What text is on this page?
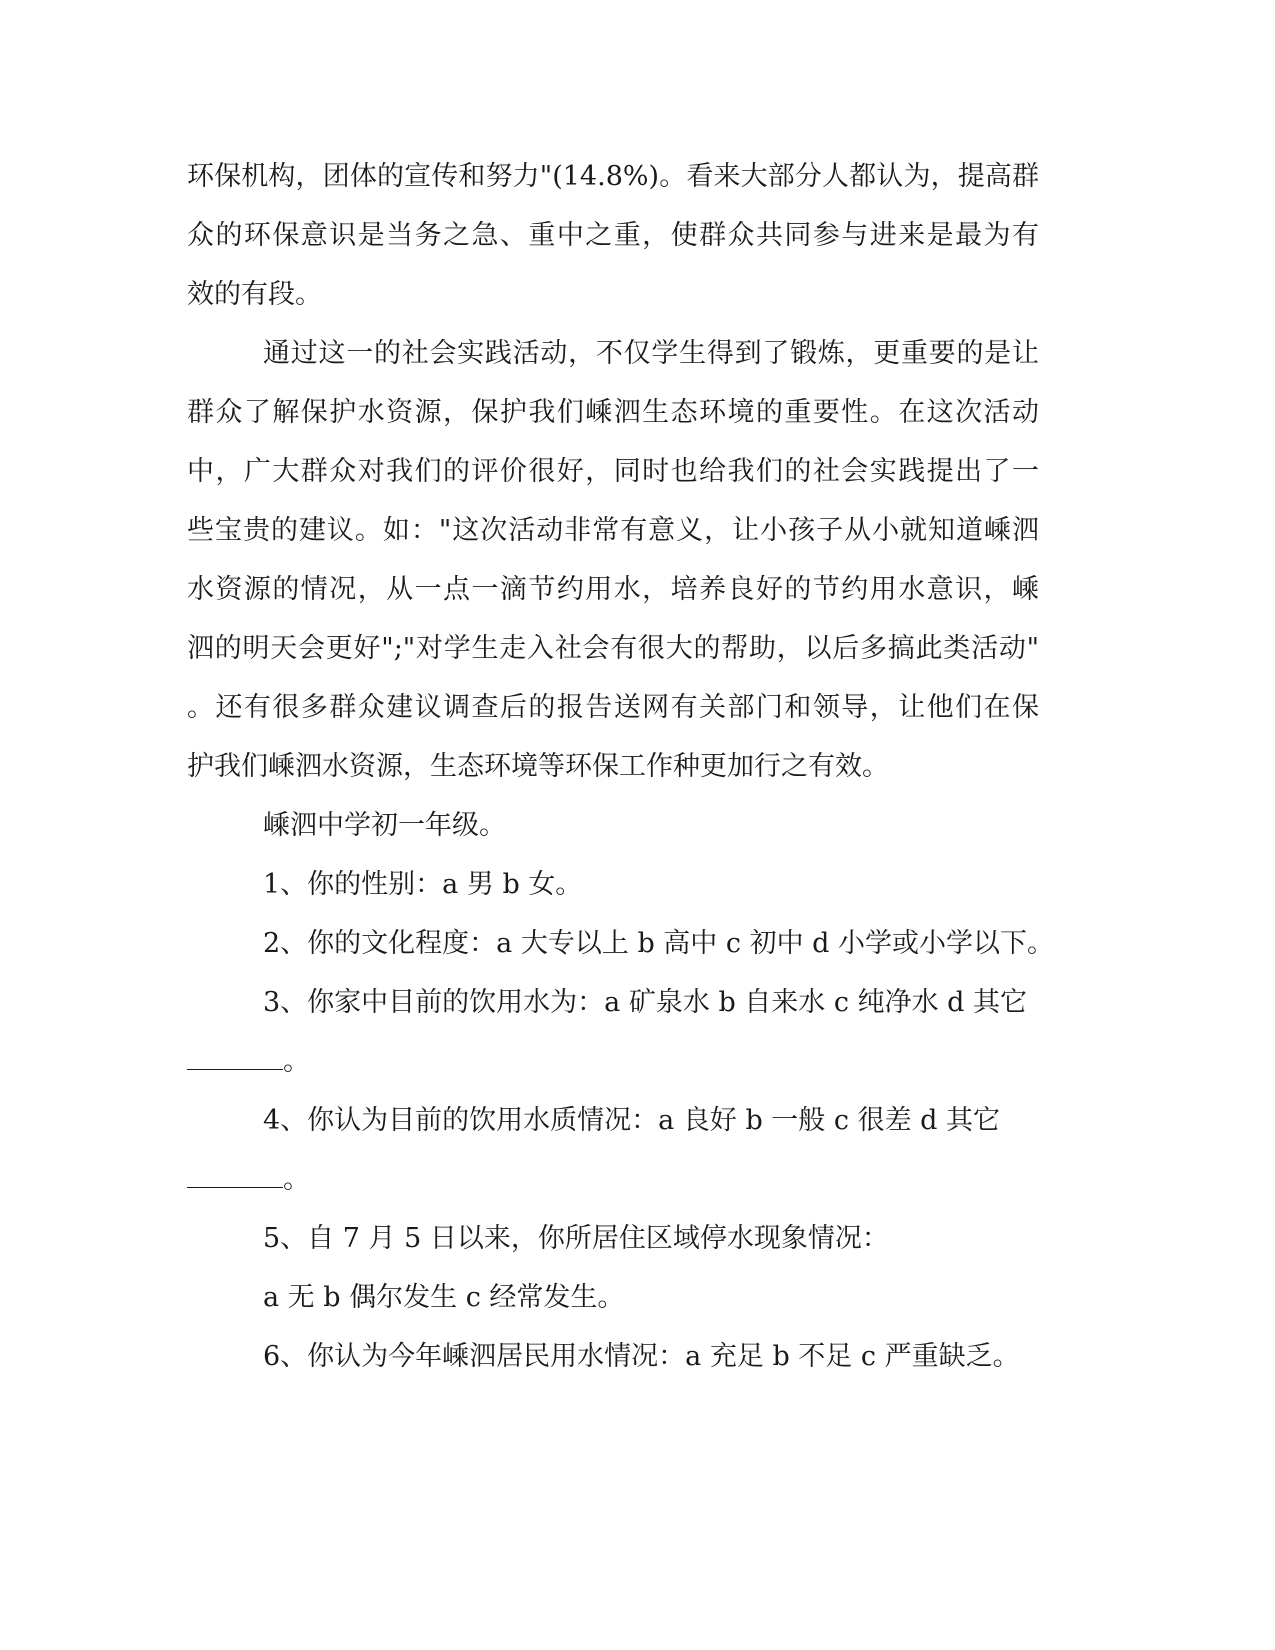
环保机构，团体的宣传和努力"(14.8%)。看来大部分人都认为，提高群
众的环保意识是当务之急、重中之重，使群众共同参与进来是最为有
效的有段。
通过这一的社会实践活动，不仅学生得到了锻炼，更重要的是让
群众了解保护水资源，保护我们嵊泗生态环境的重要性。在这次活动
中，广大群众对我们的评价很好，同时也给我们的社会实践提出了一
些宝贵的建议。如："这次活动非常有意义，让小孩子从小就知道嵊泗
水资源的情况，从一点一滴节约用水，培养良好的节约用水意识，嵊
泗的明天会更好";"对学生走入社会有很大的帮助，以后多搞此类活动"
。还有很多群众建议调查后的报告送网有关部门和领导，让他们在保
护我们嵊泗水资源，生态环境等环保工作种更加行之有效。
嵊泗中学初一年级。
1、你的性别：a 男 b 女。
2、你的文化程度：a 大专以上 b 高中 c 初中 d 小学或小学以下。
3、你家中目前的饮用水为：a 矿泉水 b 自来水 c 纯净水 d 其它
。
4、你认为目前的饮用水质情况：a 良好 b 一般 c 很差 d 其它
。
5、自 7 月 5 日以来，你所居住区域停水现象情况：
a 无 b 偶尔发生 c 经常发生。
6、你认为今年嵊泗居民用水情况：a 充足 b 不足 c 严重缺乏。
